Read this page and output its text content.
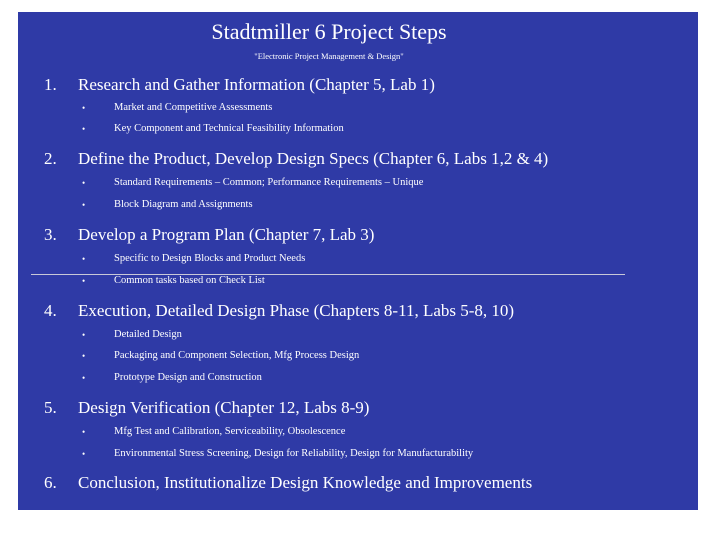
Stadtmiller 6 Project Steps
"Electronic Project Management & Design"
1. Research and Gather Information (Chapter 5, Lab 1)
•	Market and Competitive Assessments
•	Key Component and Technical Feasibility Information
2. Define the Product, Develop Design Specs (Chapter 6, Labs 1,2 & 4)
•	Standard Requirements – Common; Performance Requirements – Unique
•	Block Diagram and Assignments
3. Develop a Program Plan (Chapter 7, Lab 3)
•	Specific to Design Blocks and Product Needs
•	Common tasks based on Check List
4. Execution, Detailed Design Phase (Chapters 8-11, Labs 5-8, 10)
•	Detailed Design
•	Packaging and Component Selection, Mfg Process Design
•	Prototype Design and Construction
5. Design Verification (Chapter 12, Labs 8-9)
•	Mfg Test and Calibration, Serviceability, Obsolescence
•	Environmental Stress Screening, Design for Reliability, Design for Manufacturability
6. Conclusion, Institutionalize Design Knowledge and Improvements
